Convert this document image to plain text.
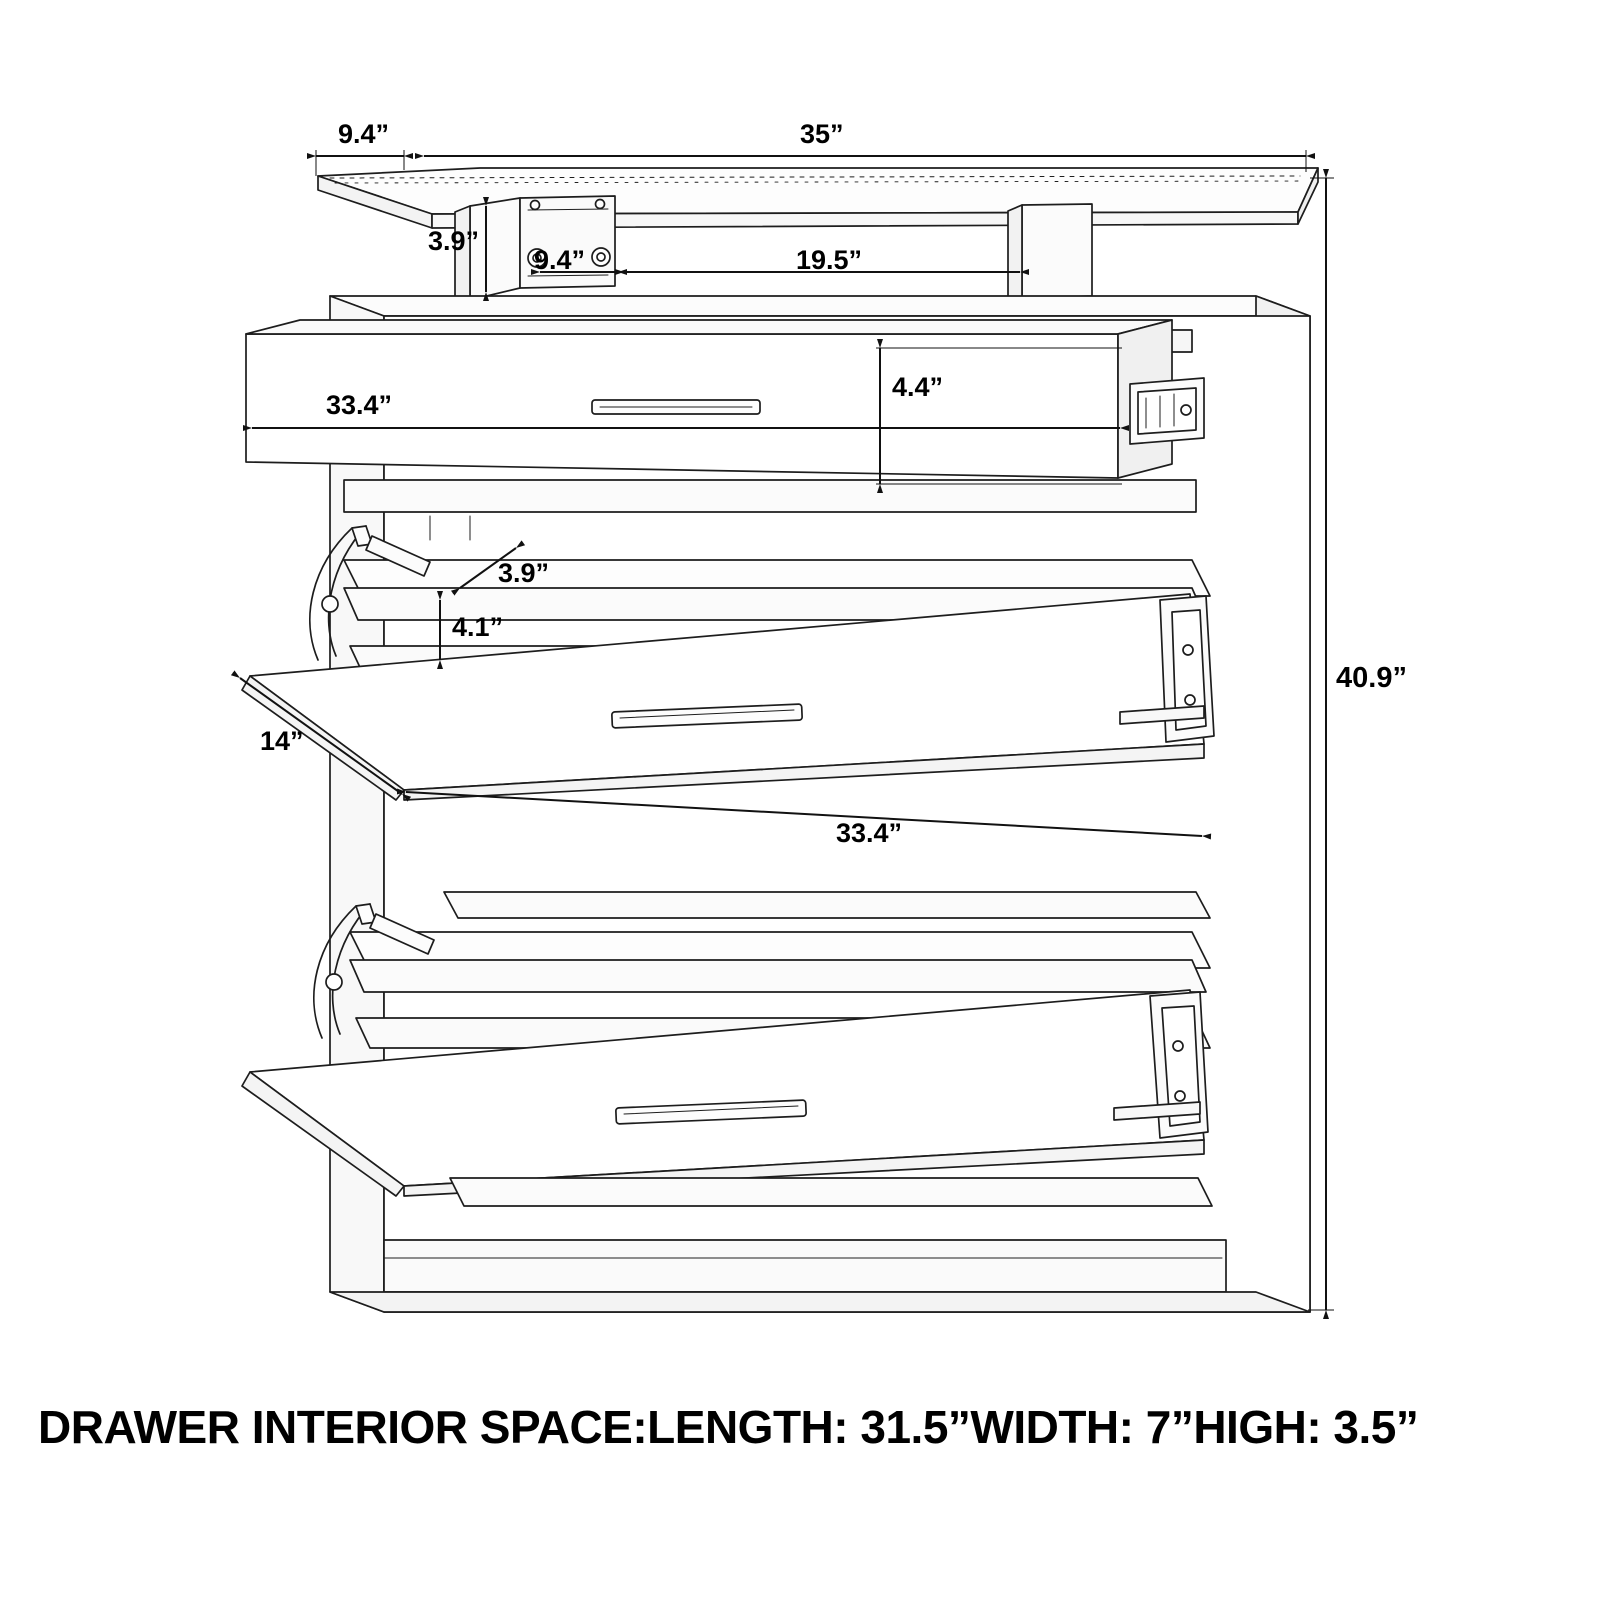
9.4”	35”
3.9”
9.4”	19.5”
33.4”
4.4”
3.9”
4.1”
14”
33.4”
40.9”
DRAWER INTERIOR SPACE:LENGTH: 31.5”WIDTH: 7”HIGH: 3.5”
